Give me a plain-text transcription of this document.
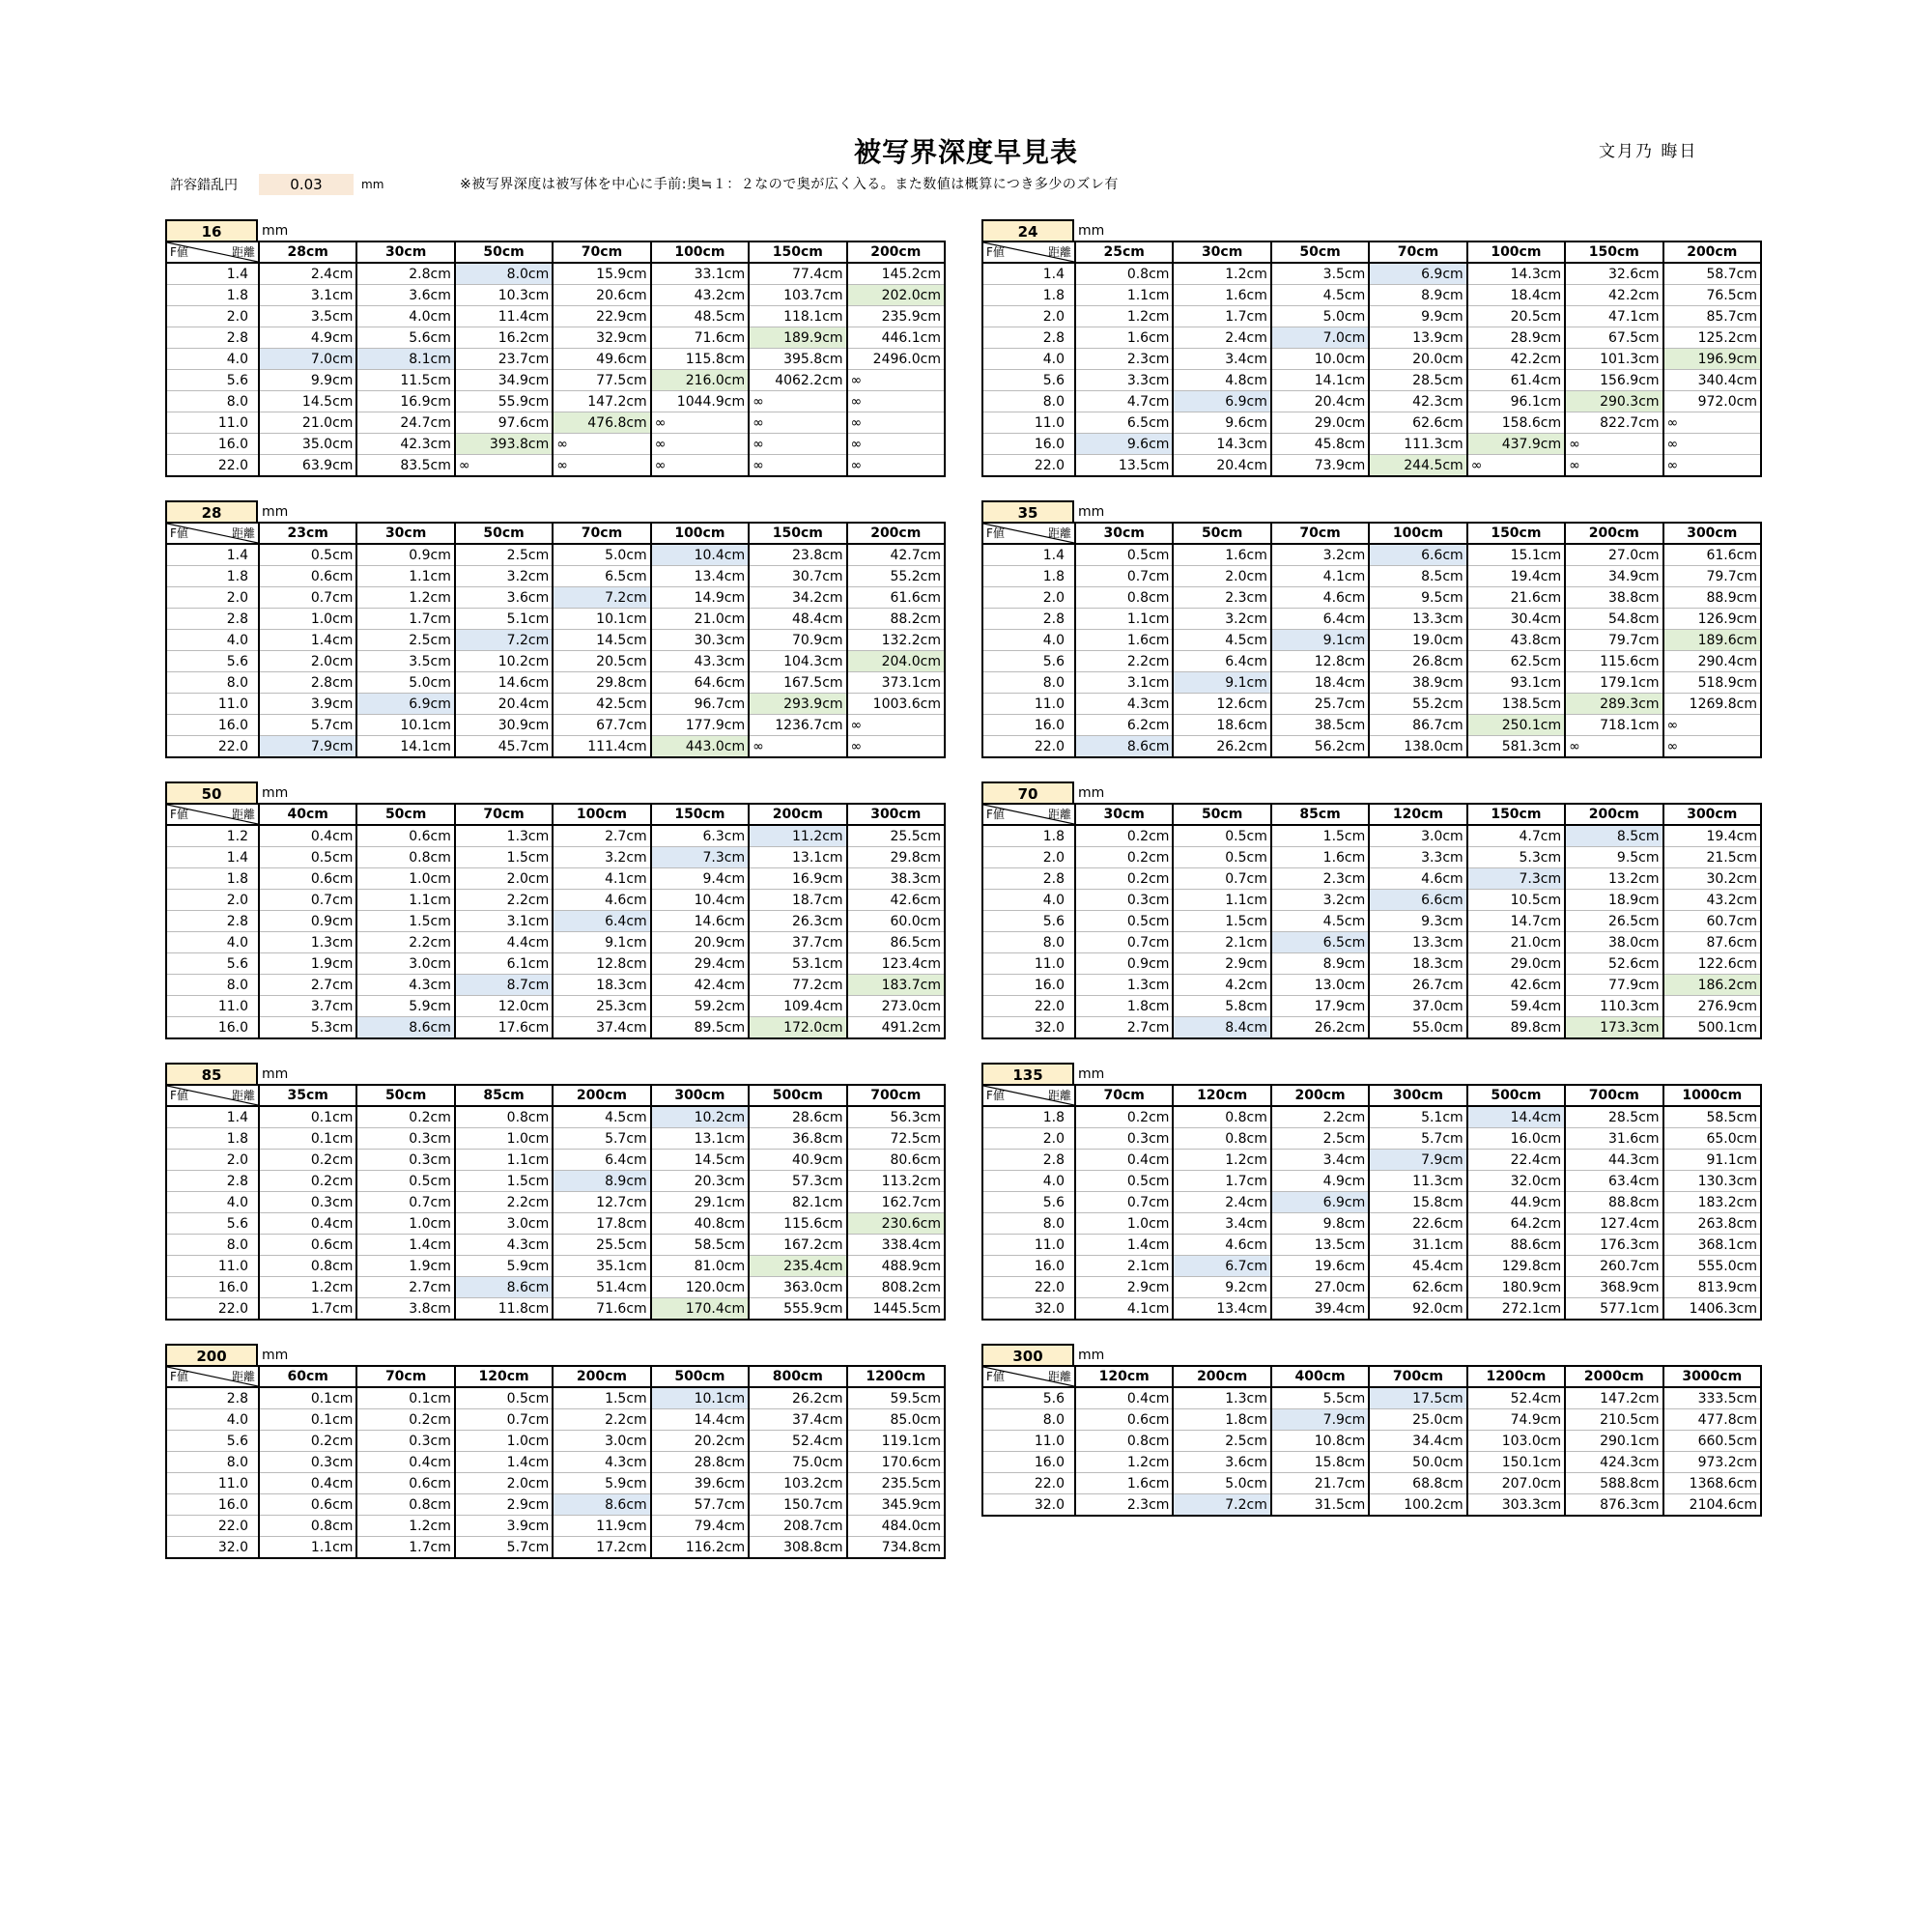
被写界深度早見表	文月乃 晦日
許容錯乱円	0.03	mm	※被写界深度は被写体を中心に手前:奥≒１：２なので奥が広く入る。また数値は概算につき多少のズレ有
16	mm
F値 距離	28cm	30cm	50cm	70cm	100cm	150cm	200cm
1.4	2.4cm	2.8cm	8.0cm	15.9cm	33.1cm	77.4cm	145.2cm
1.8	3.1cm	3.6cm	10.3cm	20.6cm	43.2cm	103.7cm	202.0cm
2.0	3.5cm	4.0cm	11.4cm	22.9cm	48.5cm	118.1cm	235.9cm
2.8	4.9cm	5.6cm	16.2cm	32.9cm	71.6cm	189.9cm	446.1cm
4.0	7.0cm	8.1cm	23.7cm	49.6cm	115.8cm	395.8cm	2496.0cm
5.6	9.9cm	11.5cm	34.9cm	77.5cm	216.0cm	4062.2cm	∞
8.0	14.5cm	16.9cm	55.9cm	147.2cm	1044.9cm	∞	∞
11.0	21.0cm	24.7cm	97.6cm	476.8cm	∞	∞	∞
16.0	35.0cm	42.3cm	393.8cm	∞	∞	∞	∞
22.0	63.9cm	83.5cm	∞	∞	∞	∞	∞
24	mm
F値 距離	25cm	30cm	50cm	70cm	100cm	150cm	200cm
1.4	0.8cm	1.2cm	3.5cm	6.9cm	14.3cm	32.6cm	58.7cm
1.8	1.1cm	1.6cm	4.5cm	8.9cm	18.4cm	42.2cm	76.5cm
2.0	1.2cm	1.7cm	5.0cm	9.9cm	20.5cm	47.1cm	85.7cm
2.8	1.6cm	2.4cm	7.0cm	13.9cm	28.9cm	67.5cm	125.2cm
4.0	2.3cm	3.4cm	10.0cm	20.0cm	42.2cm	101.3cm	196.9cm
5.6	3.3cm	4.8cm	14.1cm	28.5cm	61.4cm	156.9cm	340.4cm
8.0	4.7cm	6.9cm	20.4cm	42.3cm	96.1cm	290.3cm	972.0cm
11.0	6.5cm	9.6cm	29.0cm	62.6cm	158.6cm	822.7cm	∞
16.0	9.6cm	14.3cm	45.8cm	111.3cm	437.9cm	∞	∞
22.0	13.5cm	20.4cm	73.9cm	244.5cm	∞	∞	∞
28	mm
F値 距離	23cm	30cm	50cm	70cm	100cm	150cm	200cm
1.4	0.5cm	0.9cm	2.5cm	5.0cm	10.4cm	23.8cm	42.7cm
1.8	0.6cm	1.1cm	3.2cm	6.5cm	13.4cm	30.7cm	55.2cm
2.0	0.7cm	1.2cm	3.6cm	7.2cm	14.9cm	34.2cm	61.6cm
2.8	1.0cm	1.7cm	5.1cm	10.1cm	21.0cm	48.4cm	88.2cm
4.0	1.4cm	2.5cm	7.2cm	14.5cm	30.3cm	70.9cm	132.2cm
5.6	2.0cm	3.5cm	10.2cm	20.5cm	43.3cm	104.3cm	204.0cm
8.0	2.8cm	5.0cm	14.6cm	29.8cm	64.6cm	167.5cm	373.1cm
11.0	3.9cm	6.9cm	20.4cm	42.5cm	96.7cm	293.9cm	1003.6cm
16.0	5.7cm	10.1cm	30.9cm	67.7cm	177.9cm	1236.7cm	∞
22.0	7.9cm	14.1cm	45.7cm	111.4cm	443.0cm	∞	∞
35	mm
F値 距離	30cm	50cm	70cm	100cm	150cm	200cm	300cm
1.4	0.5cm	1.6cm	3.2cm	6.6cm	15.1cm	27.0cm	61.6cm
1.8	0.7cm	2.0cm	4.1cm	8.5cm	19.4cm	34.9cm	79.7cm
2.0	0.8cm	2.3cm	4.6cm	9.5cm	21.6cm	38.8cm	88.9cm
2.8	1.1cm	3.2cm	6.4cm	13.3cm	30.4cm	54.8cm	126.9cm
4.0	1.6cm	4.5cm	9.1cm	19.0cm	43.8cm	79.7cm	189.6cm
5.6	2.2cm	6.4cm	12.8cm	26.8cm	62.5cm	115.6cm	290.4cm
8.0	3.1cm	9.1cm	18.4cm	38.9cm	93.1cm	179.1cm	518.9cm
11.0	4.3cm	12.6cm	25.7cm	55.2cm	138.5cm	289.3cm	1269.8cm
16.0	6.2cm	18.6cm	38.5cm	86.7cm	250.1cm	718.1cm	∞
22.0	8.6cm	26.2cm	56.2cm	138.0cm	581.3cm	∞	∞
50	mm
F値 距離	40cm	50cm	70cm	100cm	150cm	200cm	300cm
1.2	0.4cm	0.6cm	1.3cm	2.7cm	6.3cm	11.2cm	25.5cm
1.4	0.5cm	0.8cm	1.5cm	3.2cm	7.3cm	13.1cm	29.8cm
1.8	0.6cm	1.0cm	2.0cm	4.1cm	9.4cm	16.9cm	38.3cm
2.0	0.7cm	1.1cm	2.2cm	4.6cm	10.4cm	18.7cm	42.6cm
2.8	0.9cm	1.5cm	3.1cm	6.4cm	14.6cm	26.3cm	60.0cm
4.0	1.3cm	2.2cm	4.4cm	9.1cm	20.9cm	37.7cm	86.5cm
5.6	1.9cm	3.0cm	6.1cm	12.8cm	29.4cm	53.1cm	123.4cm
8.0	2.7cm	4.3cm	8.7cm	18.3cm	42.4cm	77.2cm	183.7cm
11.0	3.7cm	5.9cm	12.0cm	25.3cm	59.2cm	109.4cm	273.0cm
16.0	5.3cm	8.6cm	17.6cm	37.4cm	89.5cm	172.0cm	491.2cm
70	mm
F値 距離	30cm	50cm	85cm	120cm	150cm	200cm	300cm
1.8	0.2cm	0.5cm	1.5cm	3.0cm	4.7cm	8.5cm	19.4cm
2.0	0.2cm	0.5cm	1.6cm	3.3cm	5.3cm	9.5cm	21.5cm
2.8	0.2cm	0.7cm	2.3cm	4.6cm	7.3cm	13.2cm	30.2cm
4.0	0.3cm	1.1cm	3.2cm	6.6cm	10.5cm	18.9cm	43.2cm
5.6	0.5cm	1.5cm	4.5cm	9.3cm	14.7cm	26.5cm	60.7cm
8.0	0.7cm	2.1cm	6.5cm	13.3cm	21.0cm	38.0cm	87.6cm
11.0	0.9cm	2.9cm	8.9cm	18.3cm	29.0cm	52.6cm	122.6cm
16.0	1.3cm	4.2cm	13.0cm	26.7cm	42.6cm	77.9cm	186.2cm
22.0	1.8cm	5.8cm	17.9cm	37.0cm	59.4cm	110.3cm	276.9cm
32.0	2.7cm	8.4cm	26.2cm	55.0cm	89.8cm	173.3cm	500.1cm
85	mm
F値 距離	35cm	50cm	85cm	200cm	300cm	500cm	700cm
1.4	0.1cm	0.2cm	0.8cm	4.5cm	10.2cm	28.6cm	56.3cm
1.8	0.1cm	0.3cm	1.0cm	5.7cm	13.1cm	36.8cm	72.5cm
2.0	0.2cm	0.3cm	1.1cm	6.4cm	14.5cm	40.9cm	80.6cm
2.8	0.2cm	0.5cm	1.5cm	8.9cm	20.3cm	57.3cm	113.2cm
4.0	0.3cm	0.7cm	2.2cm	12.7cm	29.1cm	82.1cm	162.7cm
5.6	0.4cm	1.0cm	3.0cm	17.8cm	40.8cm	115.6cm	230.6cm
8.0	0.6cm	1.4cm	4.3cm	25.5cm	58.5cm	167.2cm	338.4cm
11.0	0.8cm	1.9cm	5.9cm	35.1cm	81.0cm	235.4cm	488.9cm
16.0	1.2cm	2.7cm	8.6cm	51.4cm	120.0cm	363.0cm	808.2cm
22.0	1.7cm	3.8cm	11.8cm	71.6cm	170.4cm	555.9cm	1445.5cm
135	mm
F値 距離	70cm	120cm	200cm	300cm	500cm	700cm	1000cm
1.8	0.2cm	0.8cm	2.2cm	5.1cm	14.4cm	28.5cm	58.5cm
2.0	0.3cm	0.8cm	2.5cm	5.7cm	16.0cm	31.6cm	65.0cm
2.8	0.4cm	1.2cm	3.4cm	7.9cm	22.4cm	44.3cm	91.1cm
4.0	0.5cm	1.7cm	4.9cm	11.3cm	32.0cm	63.4cm	130.3cm
5.6	0.7cm	2.4cm	6.9cm	15.8cm	44.9cm	88.8cm	183.2cm
8.0	1.0cm	3.4cm	9.8cm	22.6cm	64.2cm	127.4cm	263.8cm
11.0	1.4cm	4.6cm	13.5cm	31.1cm	88.6cm	176.3cm	368.1cm
16.0	2.1cm	6.7cm	19.6cm	45.4cm	129.8cm	260.7cm	555.0cm
22.0	2.9cm	9.2cm	27.0cm	62.6cm	180.9cm	368.9cm	813.9cm
32.0	4.1cm	13.4cm	39.4cm	92.0cm	272.1cm	577.1cm	1406.3cm
200	mm
F値 距離	60cm	70cm	120cm	200cm	500cm	800cm	1200cm
2.8	0.1cm	0.1cm	0.5cm	1.5cm	10.1cm	26.2cm	59.5cm
4.0	0.1cm	0.2cm	0.7cm	2.2cm	14.4cm	37.4cm	85.0cm
5.6	0.2cm	0.3cm	1.0cm	3.0cm	20.2cm	52.4cm	119.1cm
8.0	0.3cm	0.4cm	1.4cm	4.3cm	28.8cm	75.0cm	170.6cm
11.0	0.4cm	0.6cm	2.0cm	5.9cm	39.6cm	103.2cm	235.5cm
16.0	0.6cm	0.8cm	2.9cm	8.6cm	57.7cm	150.7cm	345.9cm
22.0	0.8cm	1.2cm	3.9cm	11.9cm	79.4cm	208.7cm	484.0cm
32.0	1.1cm	1.7cm	5.7cm	17.2cm	116.2cm	308.8cm	734.8cm
300	mm
F値 距離	120cm	200cm	400cm	700cm	1200cm	2000cm	3000cm
5.6	0.4cm	1.3cm	5.5cm	17.5cm	52.4cm	147.2cm	333.5cm
8.0	0.6cm	1.8cm	7.9cm	25.0cm	74.9cm	210.5cm	477.8cm
11.0	0.8cm	2.5cm	10.8cm	34.4cm	103.0cm	290.1cm	660.5cm
16.0	1.2cm	3.6cm	15.8cm	50.0cm	150.1cm	424.3cm	973.2cm
22.0	1.6cm	5.0cm	21.7cm	68.8cm	207.0cm	588.8cm	1368.6cm
32.0	2.3cm	7.2cm	31.5cm	100.2cm	303.3cm	876.3cm	2104.6cm
